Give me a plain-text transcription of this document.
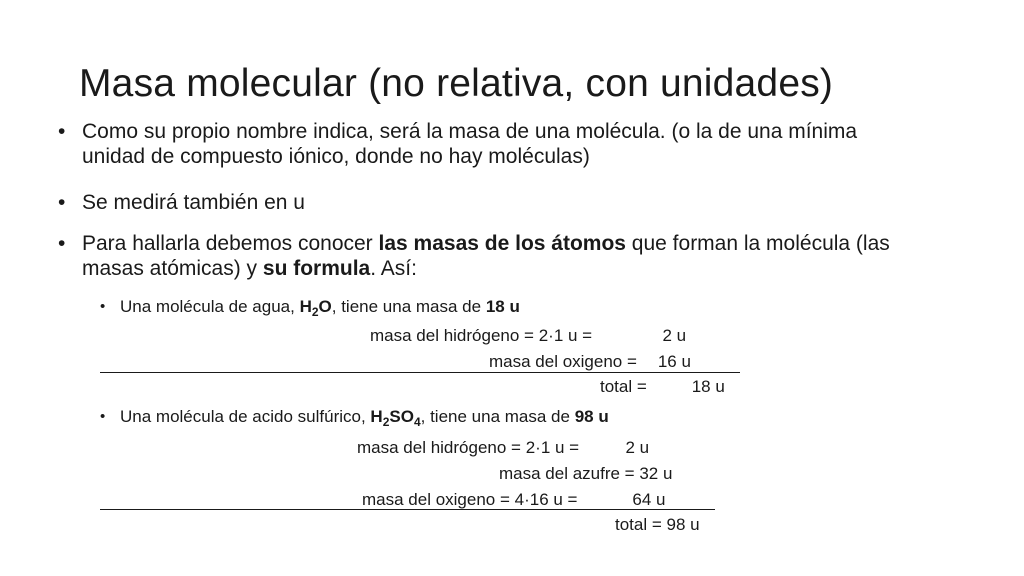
Masa molecular (no relativa, con unidades)
• Como su propio nombre indica, será la masa de una molécula. (o la de una mínima unidad de compuesto iónico, donde no hay moléculas)
• Se medirá también en u
• Para hallarla debemos conocer las masas de los átomos que forman la molécula (las masas atómicas) y su formula. Así:
• Una molécula de agua, $H_2O$, tiene una masa de 18 u
masa del hidrógeno = 2·1 u =	2 u
masa del oxigeno = 16 u
total =	18 u
• Una molécula de acido sulfúrico, $H_2SO_4$, tiene una masa de 98 u
masa del hidrógeno = 2·1 u =	2 u
masa del azufre = 32 u
masa del oxigeno = 4·16 u =	64 u
total = 98 u
